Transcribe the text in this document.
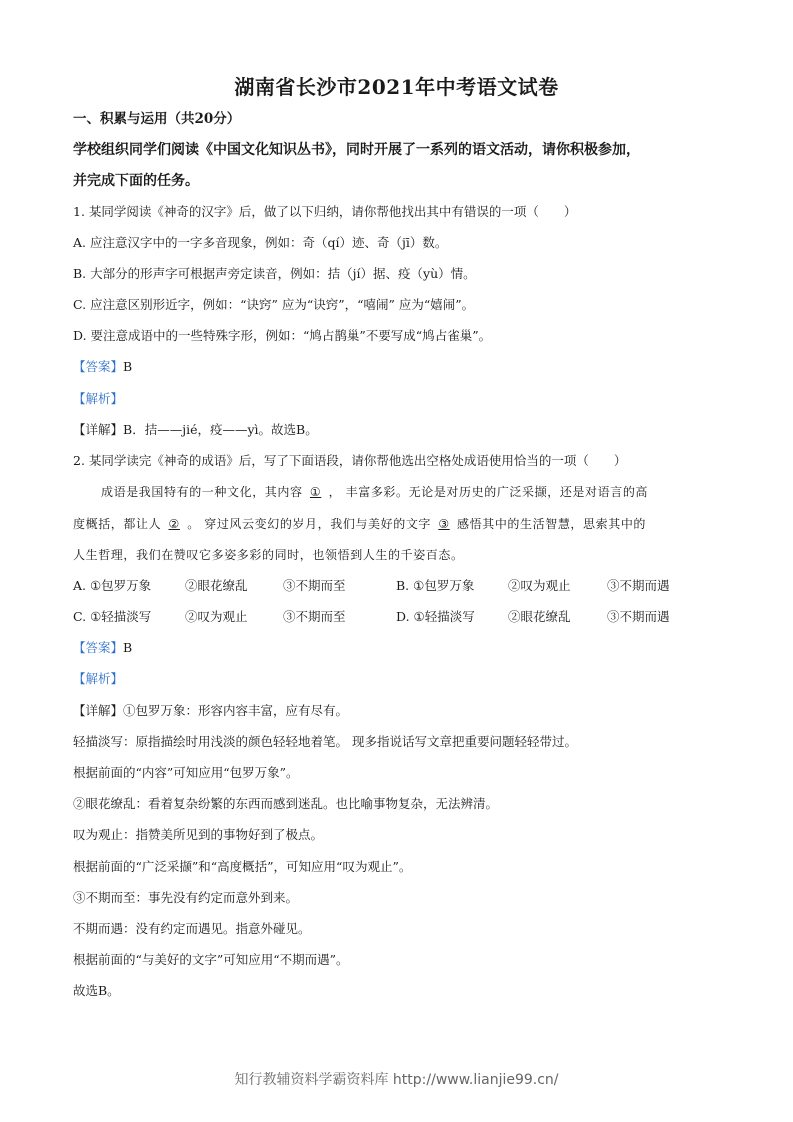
湖南省长沙市2021年中考语文试卷
一、积累与运用（共20分）
学校组织同学们阅读《中国文化知识丛书》，同时开展了一系列的语文活动，请你积极参加，
并完成下面的任务。
1. 某同学阅读《神奇的汉字》后，做了以下归纳，请你帮他找出其中有错误的一项（　　）
A. 应注意汉字中的一字多音现象，例如：奇（qí）迹、奇（jī）数。
B. 大部分的形声字可根据声旁定读音，例如：拮（jí）据、疫（yù）情。
C. 应注意区别形近字，例如：“诀窍” 应为“诀窍”，“嘻闹” 应为“嬉闹”。
D. 要注意成语中的一些特殊字形，例如：“鸠占鹊巢”不要写成“鸠占雀巢”。
【答案】B
【解析】
【详解】B．拮——jié，疫——yì。故选B。
2. 某同学读完《神奇的成语》后，写了下面语段，请你帮他选出空格处成语使用恰当的一项（　　）
成语是我国特有的一种文化，其内容 ① ， 丰富多彩。无论是对历史的广泛采撷，还是对语言的高
度概括，都让人 ② 。 穿过风云变幻的岁月，我们与美好的文字 ③ 感悟其中的生活智慧，思索其中的
人生哲理，我们在赞叹它多姿多彩的同时，也领悟到人生的千姿百态。
A. ①包罗万象	②眼花缭乱	③不期而至	B. ①包罗万象	②叹为观止	③不期而遇
C. ①轻描淡写	②叹为观止	③不期而至	D. ①轻描淡写	②眼花缭乱	③不期而遇
【答案】B
【解析】
【详解】①包罗万象：形容内容丰富，应有尽有。
轻描淡写：原指描绘时用浅淡的颜色轻轻地着笔。 现多指说话写文章把重要问题轻轻带过。
根据前面的“内容”可知应用“包罗万象”。
②眼花缭乱：看着复杂纷繁的东西而感到迷乱。也比喻事物复杂，无法辨清。
叹为观止：指赞美所见到的事物好到了极点。
根据前面的“广泛采撷”和“高度概括”，可知应用“叹为观止”。
③不期而至：事先没有约定而意外到来。
不期而遇：没有约定而遇见。指意外碰见。
根据前面的“与美好的文字”可知应用“不期而遇”。
故选B。
知行教辅资料学霸资料库 http://www.lianjie99.cn/
